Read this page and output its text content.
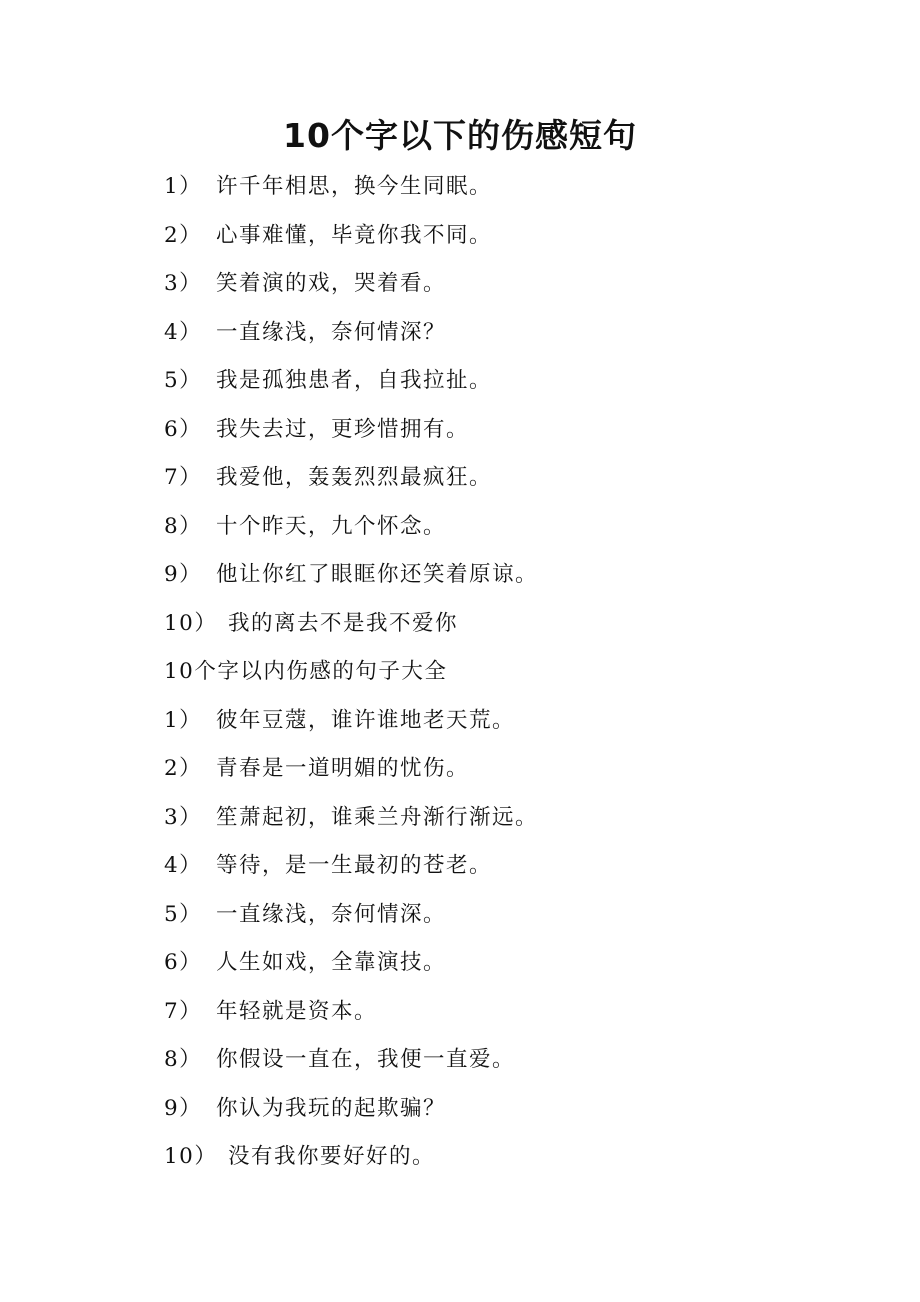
10个字以下的伤感短句
1） 许千年相思，换今生同眠。
2） 心事难懂，毕竟你我不同。
3） 笑着演的戏，哭着看。
4） 一直缘浅，奈何情深？
5） 我是孤独患者，自我拉扯。
6） 我失去过，更珍惜拥有。
7） 我爱他，轰轰烈烈最疯狂。
8） 十个昨天，九个怀念。
9） 他让你红了眼眶你还笑着原谅。
10） 我的离去不是我不爱你
10个字以内伤感的句子大全
1） 彼年豆蔻，谁许谁地老天荒。
2） 青春是一道明媚的忧伤。
3） 笙萧起初，谁乘兰舟渐行渐远。
4） 等待，是一生最初的苍老。
5） 一直缘浅，奈何情深。
6） 人生如戏，全靠演技。
7） 年轻就是资本。
8） 你假设一直在，我便一直爱。
9） 你认为我玩的起欺骗？
10） 没有我你要好好的。
